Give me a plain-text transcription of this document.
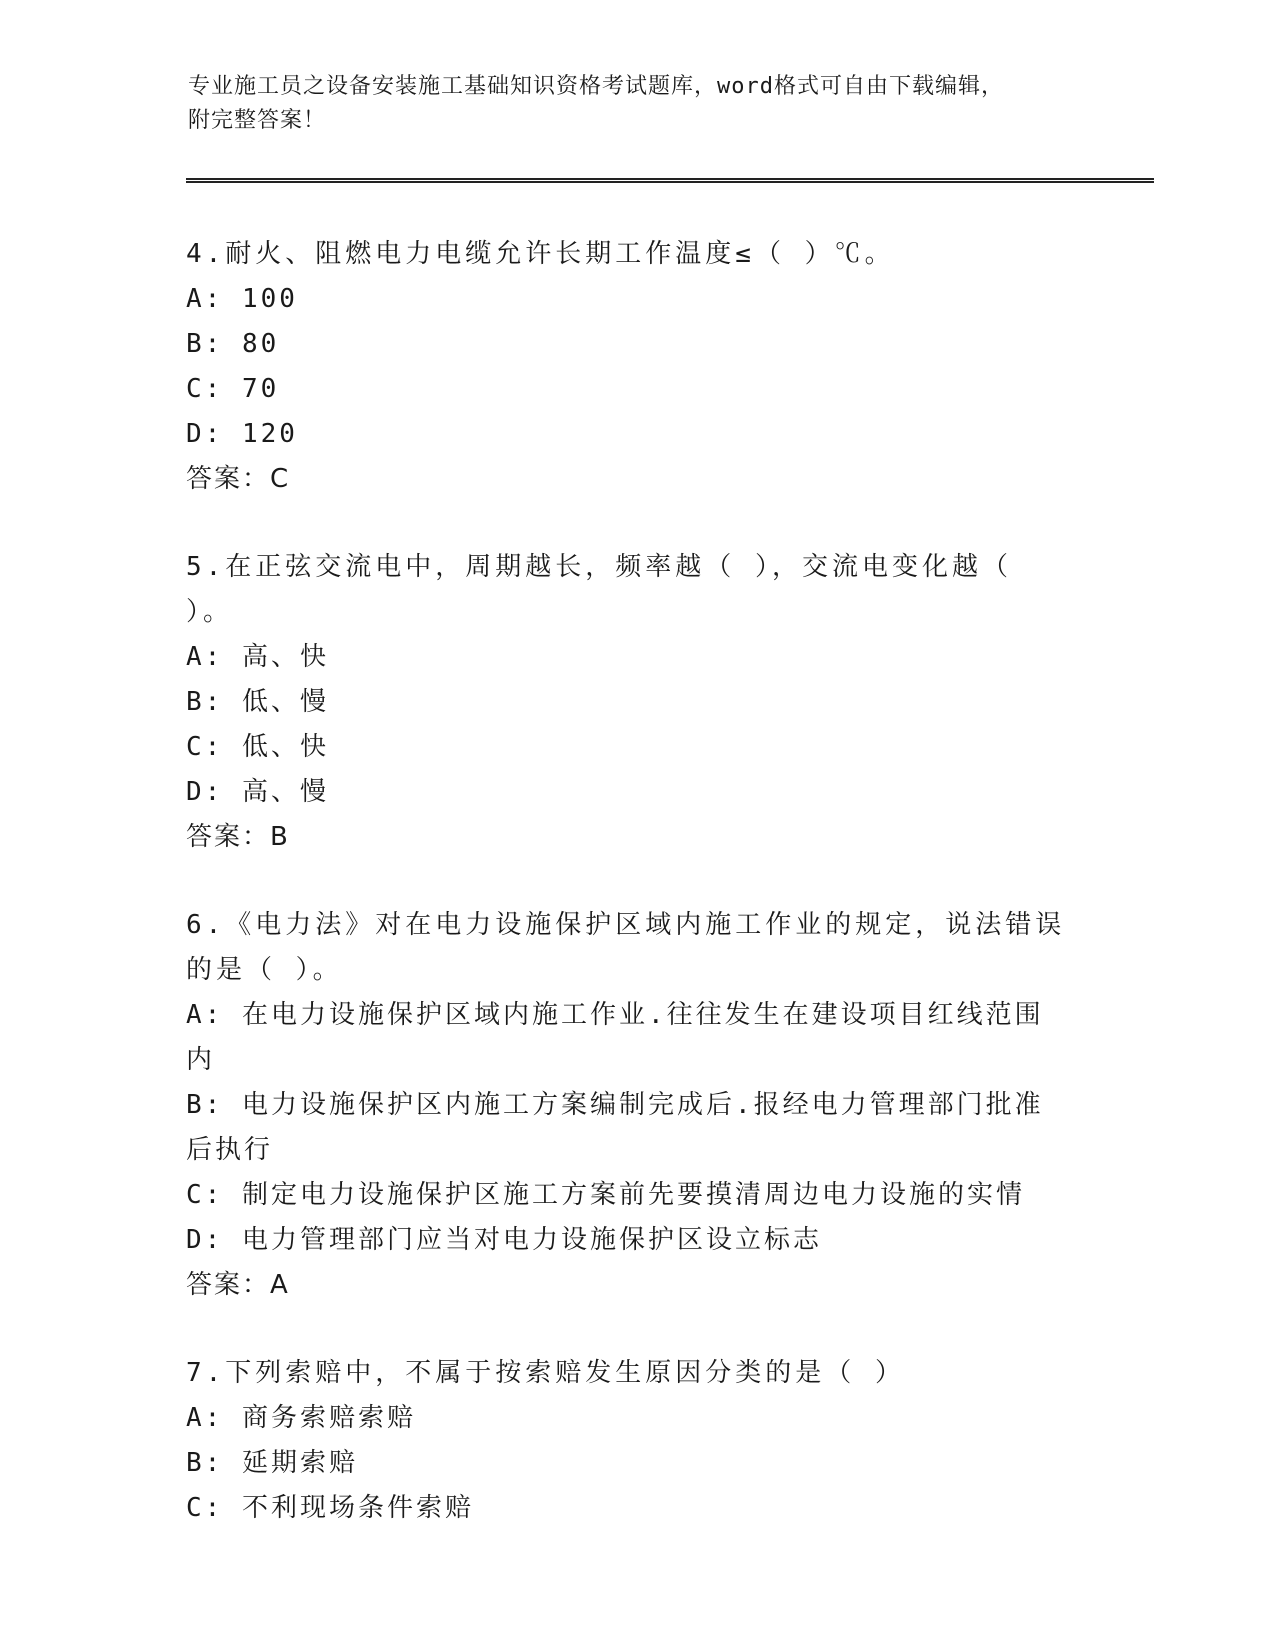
专业施工员之设备安装施工基础知识资格考试题库，word格式可自由下载编辑，
附完整答案！
4.耐火、阻燃电力电缆允许长期工作温度≤（ ）℃。
A: 100
B: 80
C: 70
D: 120
答案：C
5.在正弦交流电中，周期越长，频率越（ ），交流电变化越（ ）。
A: 高、快
B: 低、慢
C: 低、快
D: 高、慢
答案：B
6.《电力法》对在电力设施保护区域内施工作业的规定，说法错误的是（ ）。
A: 在电力设施保护区域内施工作业.往往发生在建设项目红线范围内
B: 电力设施保护区内施工方案编制完成后.报经电力管理部门批准后执行
C: 制定电力设施保护区施工方案前先要摸清周边电力设施的实情
D: 电力管理部门应当对电力设施保护区设立标志
答案：A
7.下列索赔中，不属于按索赔发生原因分类的是（ ）
A: 商务索赔索赔
B: 延期索赔
C: 不利现场条件索赔
